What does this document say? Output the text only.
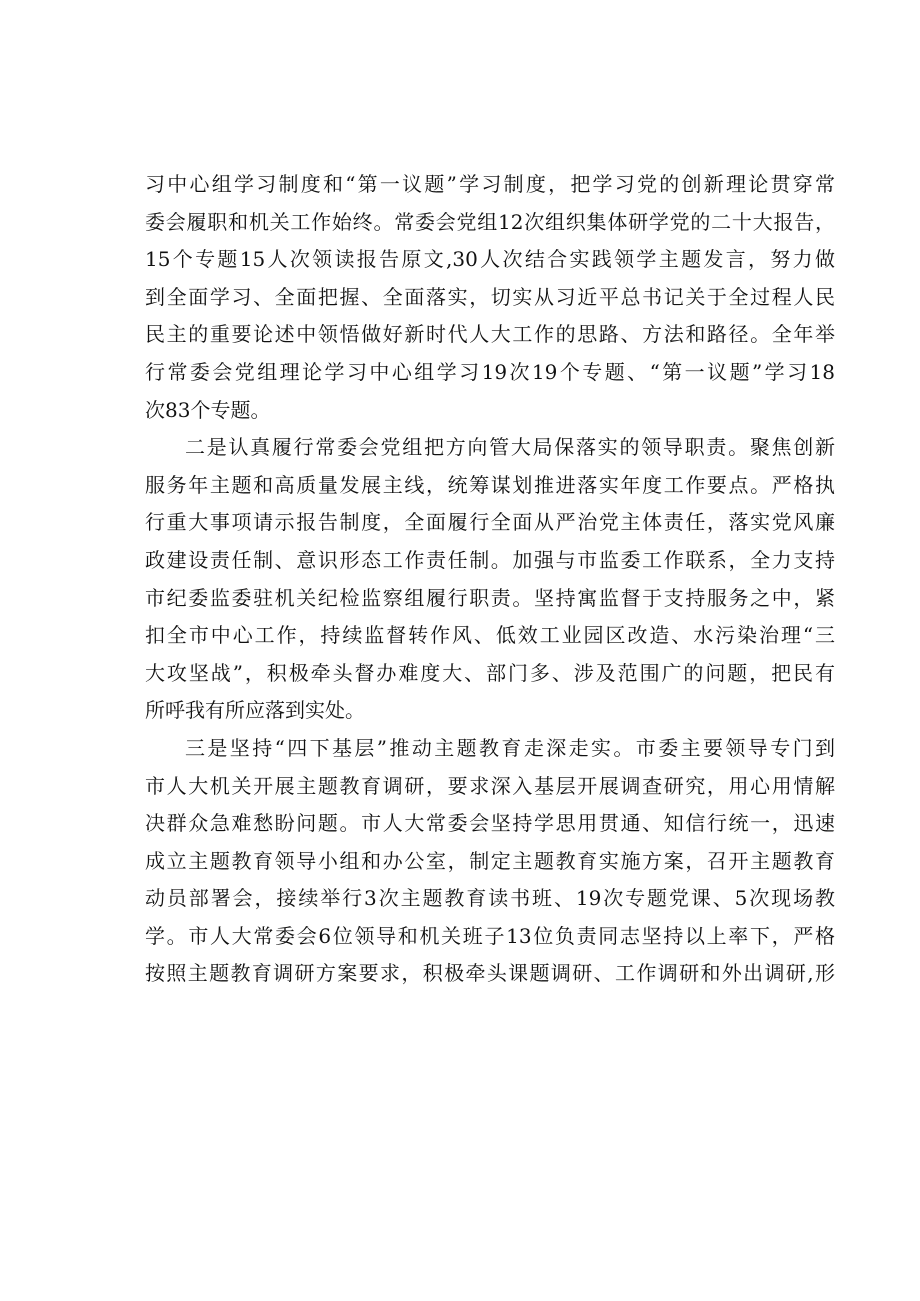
习中心组学习制度和“第一议题”学习制度，把学习党的创新理论贯穿常
委会履职和机关工作始终。常委会党组12次组织集体研学党的二十大报告，
15个专题15人次领读报告原文,30人次结合实践领学主题发言，努力做
到全面学习、全面把握、全面落实，切实从习近平总书记关于全过程人民
民主的重要论述中领悟做好新时代人大工作的思路、方法和路径。全年举
行常委会党组理论学习中心组学习19次19个专题、“第一议题”学习18
次83个专题。

二是认真履行常委会党组把方向管大局保落实的领导职责。聚焦创新
服务年主题和高质量发展主线，统筹谋划推进落实年度工作要点。严格执
行重大事项请示报告制度，全面履行全面从严治党主体责任，落实党风廉
政建设责任制、意识形态工作责任制。加强与市监委工作联系，全力支持
市纪委监委驻机关纪检监察组履行职责。坚持寓监督于支持服务之中，紧
扣全市中心工作，持续监督转作风、低效工业园区改造、水污染治理“三
大攻坚战”，积极牵头督办难度大、部门多、涉及范围广的问题，把民有
所呼我有所应落到实处。

三是坚持“四下基层”推动主题教育走深走实。市委主要领导专门到
市人大机关开展主题教育调研，要求深入基层开展调查研究，用心用情解
决群众急难愁盼问题。市人大常委会坚持学思用贯通、知信行统一，迅速
成立主题教育领导小组和办公室，制定主题教育实施方案，召开主题教育
动员部署会，接续举行3次主题教育读书班、19次专题党课、5次现场教
学。市人大常委会6位领导和机关班子13位负责同志坚持以上率下，严格
按照主题教育调研方案要求，积极牵头课题调研、工作调研和外出调研,形
